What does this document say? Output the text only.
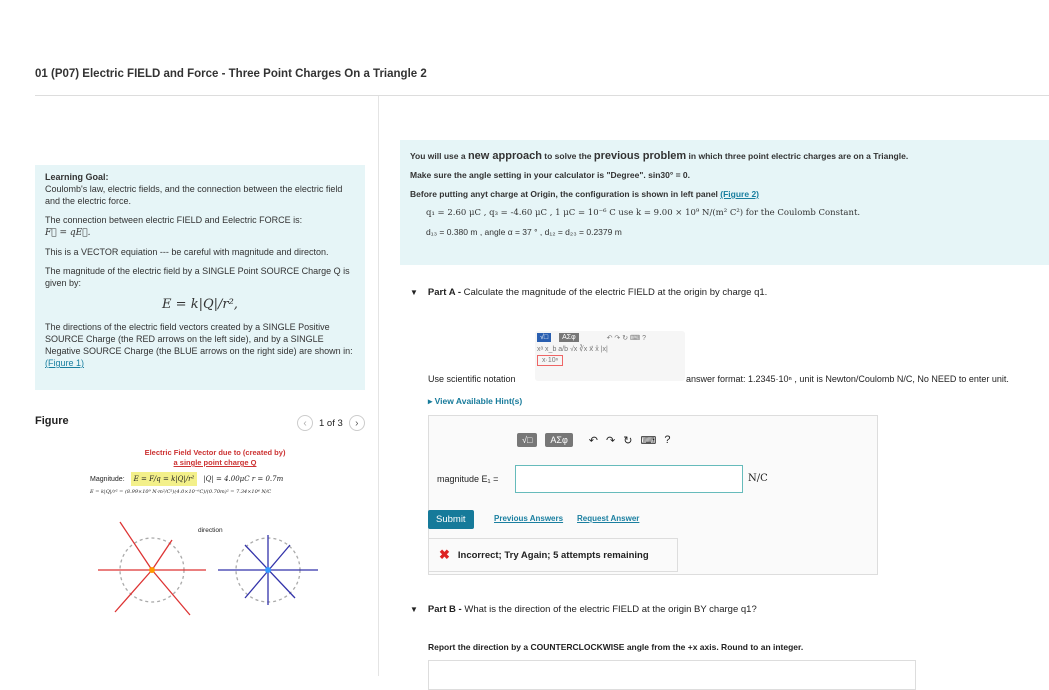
01 (P07) Electric FIELD and Force - Three Point Charges On a Triangle 2
Learning Goal:

Coulomb's law, electric fields, and the connection between the electric field and the electric force.

The connection between electric FIELD and Eelectric FORCE is:
F⃗ = qE⃗.

This is a VECTOR equiation --- be careful with magnitude and directon.

The magnitude of the electric field by a SINGLE Point SOURCE Charge Q is given by:

E = k|Q|/r²,

The directions of the electric field vectors created by a SINGLE Positive SOURCE Charge (the RED arrows on the left side), and by a SINGLE Negative SOURCE Charge (the BLUE arrows on the right side) are shown in: (Figure 1)

Figure	‹	1 of 3	›
Electric Field Vector due to (created by)
a single point charge Q
Magnitude:	E = F/q = k|Q|/r²	|Q| = 4.00μC r = 0.7m
E = k|Q|/r² = (8.99×10⁹ N·m²/C²)(4.0×10⁻⁶C)/(0.70m)² = 7.34×10⁴ N/C
direction

You will use a new approach to solve the previous problem in which three point electric charges are on a Triangle.

Make sure the angle setting in your calculator is "Degree". sin30° = 0.

Before putting anyt charge at Origin, the configuration is shown in left panel (Figure 2)

q₁ = 2.60 μC , q₃ = -4.60 μC , 1 μC = 10⁻⁶ C use k = 9.00 × 10⁹ N/(m² C²) for the Coulomb Constant.

d₁₃ = 0.380 m , angle α = 37 ° , d₁₂ = d₂₃ = 0.2379 m

▼ Part A - Calculate the magnitude of the electric FIELD at the origin by charge q1.
√□	ΑΣφ	↶ ↷ ↻ ⌨ ?
xᵃ x_b a/b √x ∛x x⃗ x̂ |x|
x·10ⁿ
Use scientific notation	answer format: 1.2345·10ⁿ , unit is Newton/Coulomb N/C, No NEED to enter unit.
▸ View Available Hint(s)
√□	ΑΣφ	↶ ↷ ↻ ⌨ ?
magnitude E₁ =	N/C
Submit	Previous Answers Request Answer
✖ Incorrect; Try Again; 5 attempts remaining
▼ Part B - What is the direction of the electric FIELD at the origin BY charge q1?
Report the direction by a COUNTERCLOCKWISE angle from the +x axis. Round to an integer.
